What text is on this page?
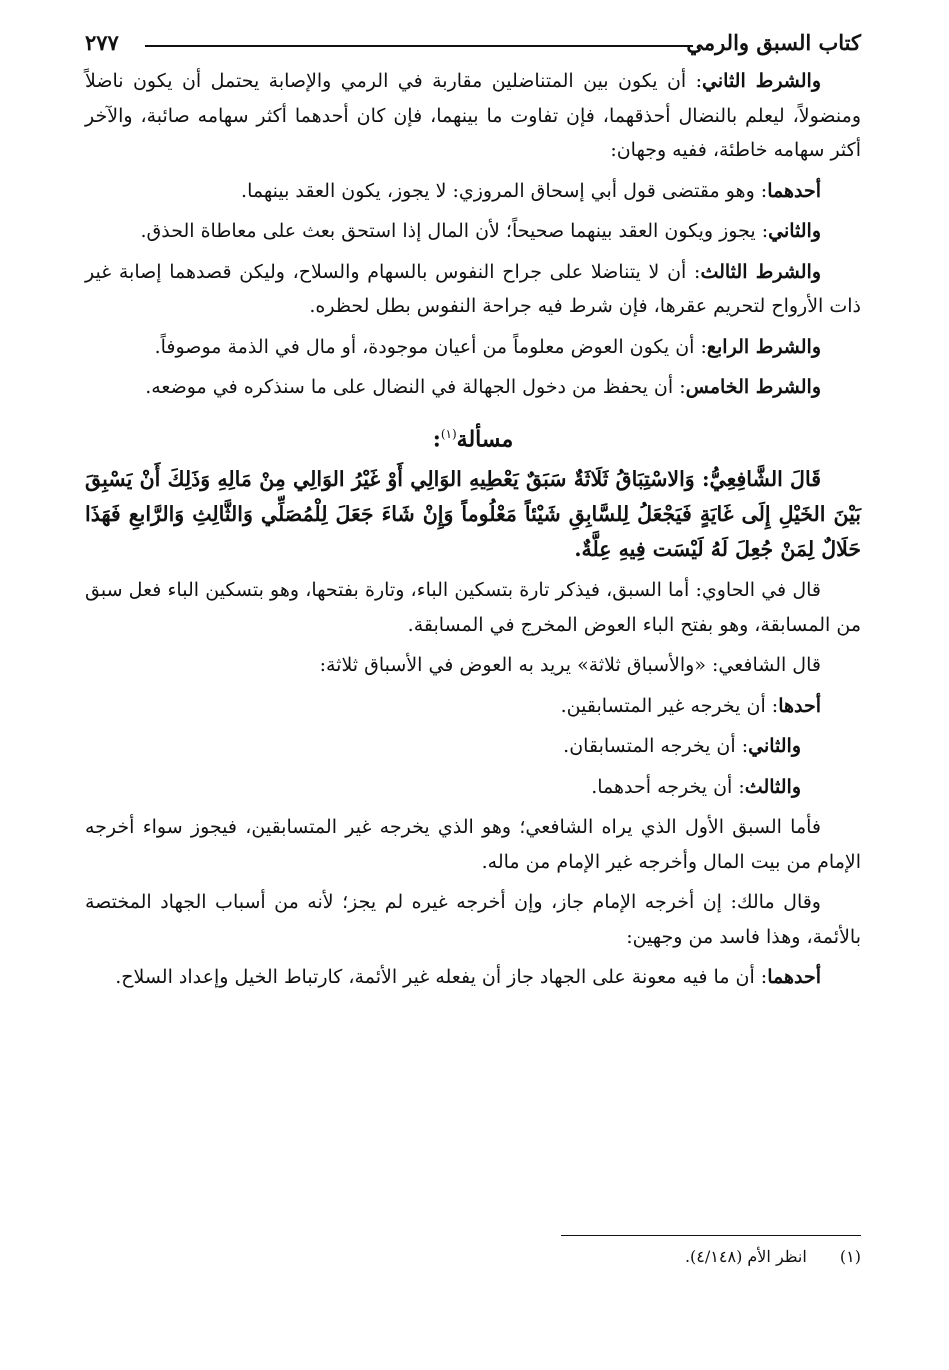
كتاب السبق والرمي
٢٧٧

والشرط الثاني: أن يكون بين المتناضلين مقاربة في الرمي والإصابة يحتمل أن يكون ناضلاً ومنضولاً، ليعلم بالنضال أحذقهما، فإن تفاوت ما بينهما، فإن كان أحدهما أكثر سهامه صائبة، والآخر أكثر سهامه خاطئة، ففيه وجهان:

أحدهما: وهو مقتضى قول أبي إسحاق المروزي: لا يجوز، يكون العقد بينهما.

والثاني: يجوز ويكون العقد بينهما صحيحاً؛ لأن المال إذا استحق بعث على معاطاة الحذق.

والشرط الثالث: أن لا يتناضلا على جراح النفوس بالسهام والسلاح، وليكن قصدهما إصابة غير ذات الأرواح لتحريم عقرها، فإن شرط فيه جراحة النفوس بطل لحظره.

والشرط الرابع: أن يكون العوض معلوماً من أعيان موجودة، أو مال في الذمة موصوفاً.

والشرط الخامس: أن يحفظ من دخول الجهالة في النضال على ما سنذكره في موضعه.

مسألة$^{(١)}$:

قَالَ الشَّافِعِيُّ: وَالاسْتِبَاقُ ثَلَاثَةٌ سَبَقٌ يَعْطِيهِ الوَالِي أَوْ غَيْرُ الوَالِي مِنْ مَالِهِ وَذَلِكَ أَنْ يَسْبِقَ بَيْنَ الخَيْلِ إِلَى غَايَةٍ فَيَجْعَلُ لِلسَّابِقِ شَيْئاً مَعْلُوماً وَإِنْ شَاءَ جَعَلَ لِلْمُصَلِّي وَالثَّالِثِ وَالرَّابعِ فَهَذَا حَلَالٌ لِمَنْ جُعِلَ لَهُ لَيْسَت فِيهِ عِلَّةٌ.

قال في الحاوي: أما السبق، فيذكر تارة بتسكين الباء، وتارة بفتحها، وهو بتسكين الباء فعل سبق من المسابقة، وهو بفتح الباء العوض المخرج في المسابقة.

قال الشافعي: «والأسباق ثلاثة» يريد به العوض في الأسباق ثلاثة:

أحدها: أن يخرجه غير المتسابقين.

والثاني: أن يخرجه المتسابقان.

والثالث: أن يخرجه أحدهما.

فأما السبق الأول الذي يراه الشافعي؛ وهو الذي يخرجه غير المتسابقين، فيجوز سواء أخرجه الإمام من بيت المال وأخرجه غير الإمام من ماله.

وقال مالك: إن أخرجه الإمام جاز، وإن أخرجه غيره لم يجز؛ لأنه من أسباب الجهاد المختصة بالأئمة، وهذا فاسد من وجهين:

أحدهما: أن ما فيه معونة على الجهاد جاز أن يفعله غير الأئمة، كارتباط الخيل وإعداد السلاح.

(١) انظر الأم (٤/١٤٨).
